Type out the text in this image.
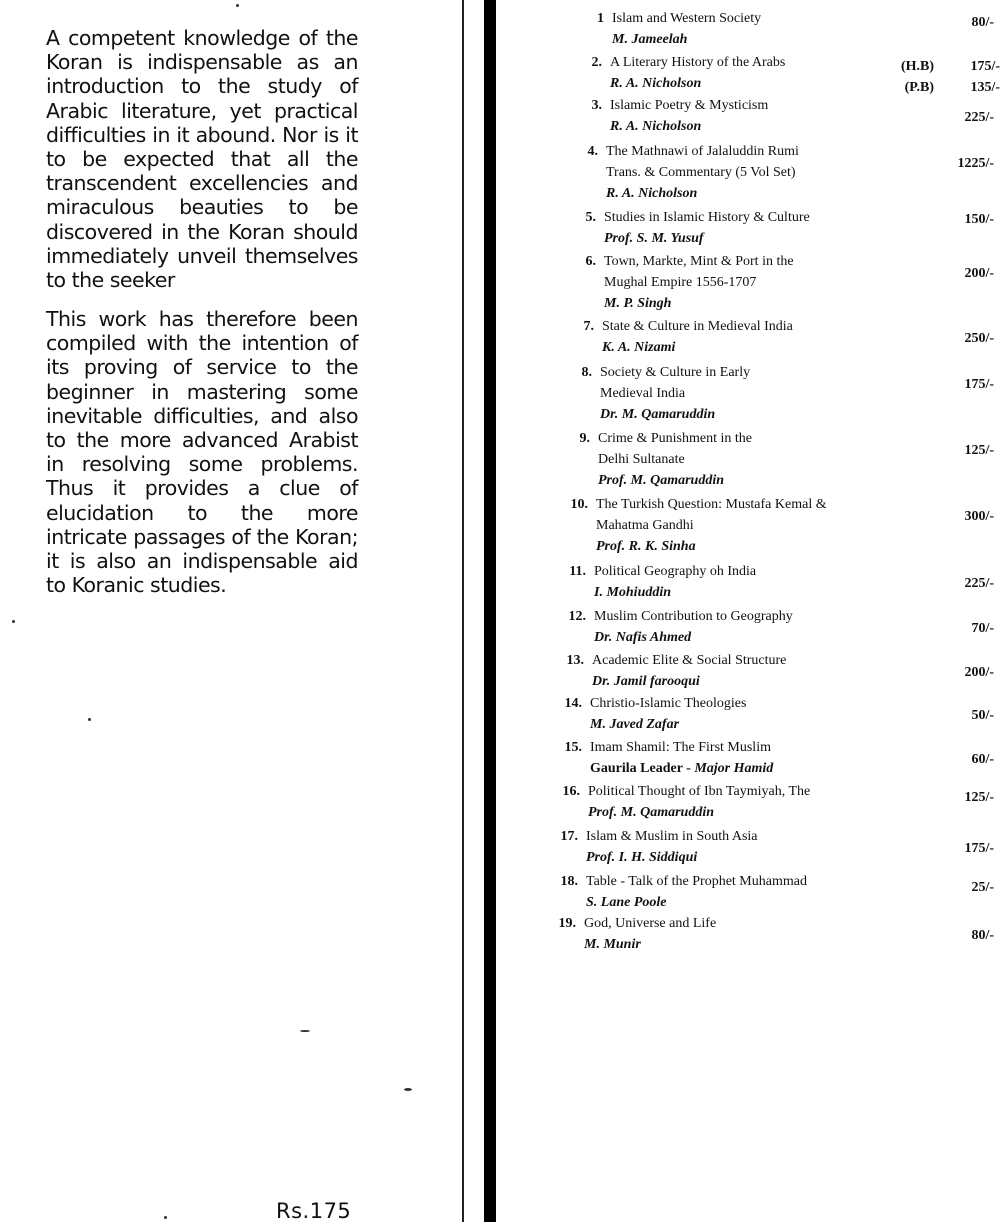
A competent knowledge of the Koran is indispensable as an introduction to the study of Arabic literature, yet practical difficulties in it abound. Nor is it to be expected that all the transcendent excellencies and miraculous beauties to be discovered in the Koran should immediately unveil themselves to the seeker
This work has therefore been compiled with the intention of its proving of service to the beginner in mastering some inevitable difficulties, and also to the more advanced Arabist in resolving some problems. Thus it provides a clue of elucidation to the more intricate passages of the Koran; it is also an indispensable aid to Koranic studies.
Rs.175
1 Islam and Western Society
M. Jameelah
80/-
2. A Literary History of the Arabs
R. A. Nicholson
(H.B)	175/-
(P.B)	135/-
3. Islamic Poetry & Mysticism
R. A. Nicholson
225/-
4. The Mathnawi of Jalaluddin Rumi
Trans. & Commentary (5 Vol Set)
R. A. Nicholson
1225/-
5. Studies in Islamic History & Culture
Prof. S. M. Yusuf
150/-
6. Town, Markte, Mint & Port in the
Mughal Empire 1556-1707
M. P. Singh
200/-
7. State & Culture in Medieval India
K. A. Nizami
250/-
8. Society & Culture in Early
Medieval India
Dr. M. Qamaruddin
175/-
9. Crime & Punishment in the
Delhi Sultanate
Prof. M. Qamaruddin
125/-
10. The Turkish Question: Mustafa Kemal &
Mahatma Gandhi
Prof. R. K. Sinha
300/-
11. Political Geography oh India
I. Mohiuddin
225/-
12. Muslim Contribution to Geography
Dr. Nafis Ahmed
70/-
13. Academic Elite & Social Structure
Dr. Jamil farooqui
200/-
14. Christio-Islamic Theologies
M. Javed Zafar
50/-
15. Imam Shamil: The First Muslim
Gaurila Leader - Major Hamid
60/-
16. Political Thought of Ibn Taymiyah, The
Prof. M. Qamaruddin
125/-
17. Islam & Muslim in South Asia
Prof. I. H. Siddiqui
175/-
18. Table - Talk of the Prophet Muhammad
S. Lane Poole
25/-
19. God, Universe and Life
M. Munir
80/-
